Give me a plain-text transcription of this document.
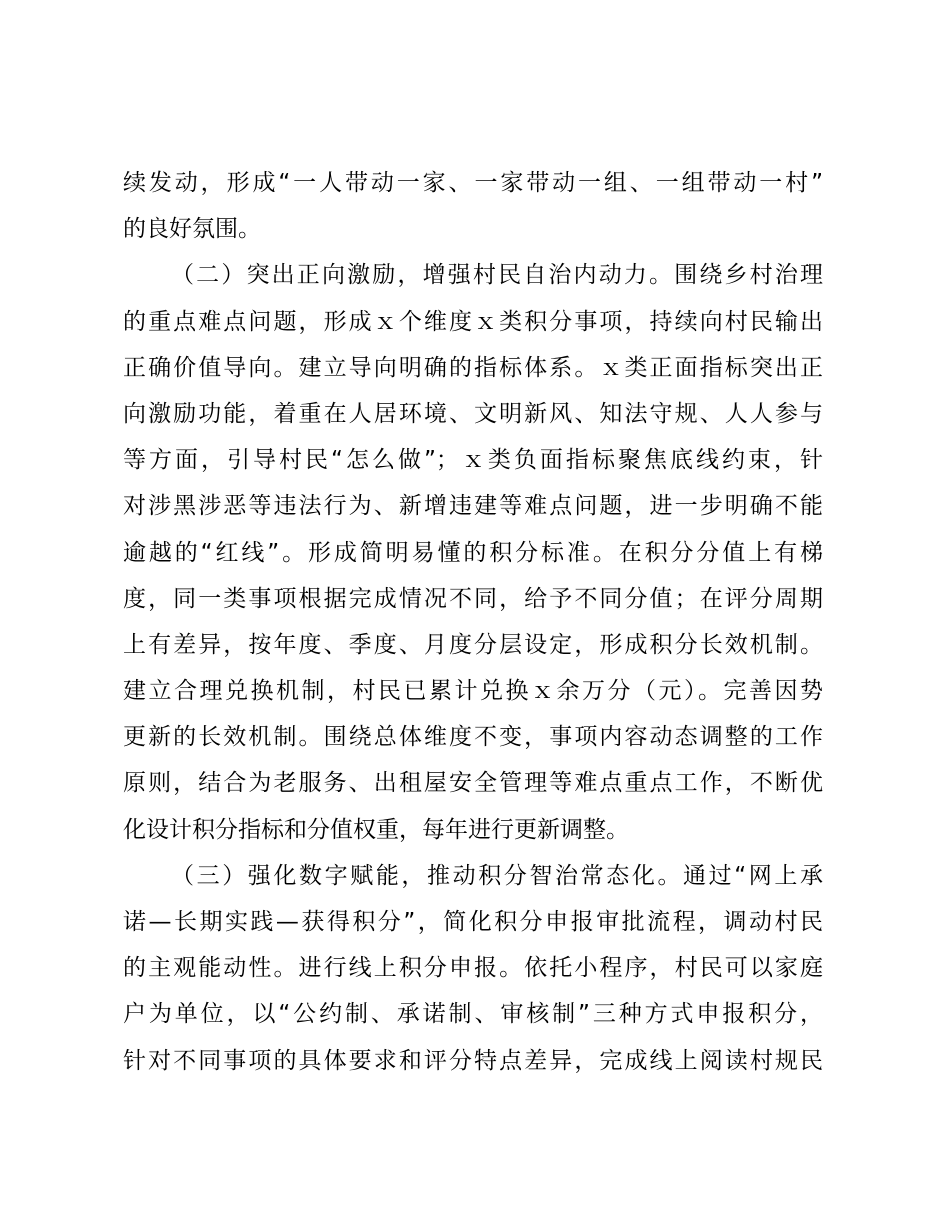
续发动，形成“一人带动一家、一家带动一组、一组带动一村”
的良好氛围。
（二）突出正向激励，增强村民自治内动力。围绕乡村治理
的重点难点问题，形成ｘ个维度ｘ类积分事项，持续向村民输出
正确价值导向。建立导向明确的指标体系。ｘ类正面指标突出正
向激励功能，着重在人居环境、文明新风、知法守规、人人参与
等方面，引导村民“怎么做”；ｘ类负面指标聚焦底线约束，针
对涉黑涉恶等违法行为、新增违建等难点问题，进一步明确不能
逾越的“红线”。形成简明易懂的积分标准。在积分分值上有梯
度，同一类事项根据完成情况不同，给予不同分值；在评分周期
上有差异，按年度、季度、月度分层设定，形成积分长效机制。
建立合理兑换机制，村民已累计兑换ｘ余万分（元）。完善因势
更新的长效机制。围绕总体维度不变，事项内容动态调整的工作
原则，结合为老服务、出租屋安全管理等难点重点工作，不断优
化设计积分指标和分值权重，每年进行更新调整。
（三）强化数字赋能，推动积分智治常态化。通过“网上承
诺—长期实践—获得积分”，简化积分申报审批流程，调动村民
的主观能动性。进行线上积分申报。依托小程序，村民可以家庭
户为单位，以“公约制、承诺制、审核制”三种方式申报积分，
针对不同事项的具体要求和评分特点差异，完成线上阅读村规民
